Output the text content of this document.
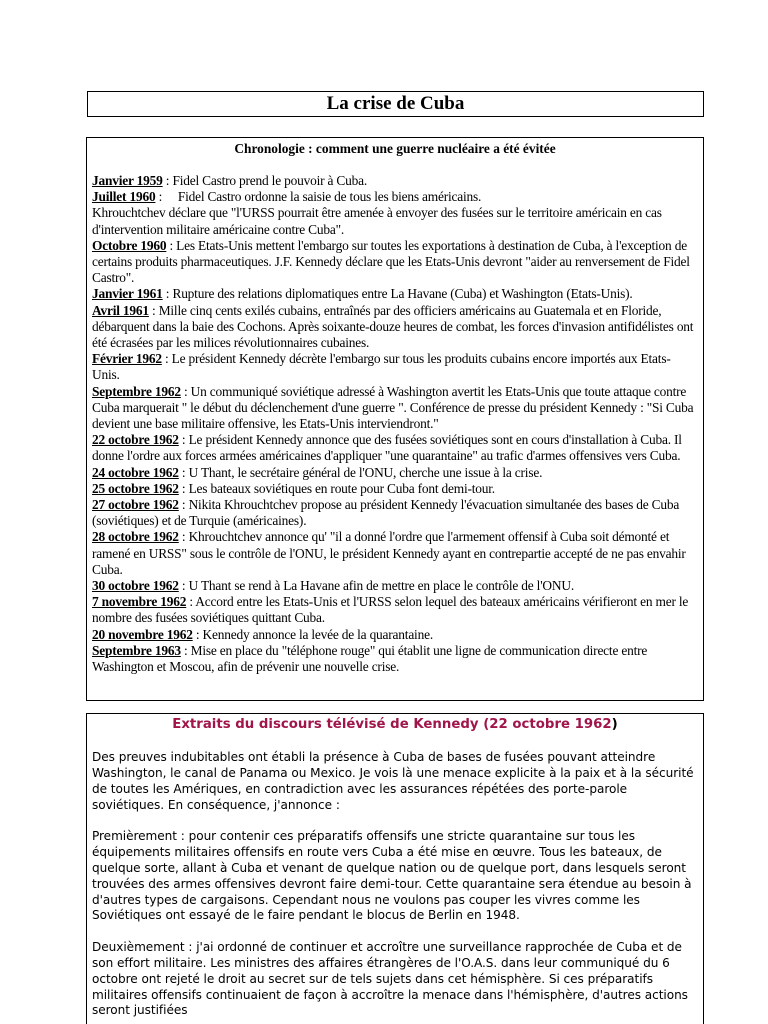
La crise de Cuba
Chronologie : comment une guerre nucléaire a été évitée
Janvier 1959 : Fidel Castro prend le pouvoir à Cuba.
Juillet 1960 :     Fidel Castro ordonne la saisie de tous les biens américains.
Khrouchtchev déclare que "l'URSS pourrait être amenée à envoyer des fusées sur le territoire américain en cas d'intervention militaire américaine contre Cuba".
Octobre 1960 : Les Etats-Unis mettent l'embargo sur toutes les exportations à destination de Cuba, à l'exception de certains produits pharmaceutiques. J.F. Kennedy déclare que les Etats-Unis devront "aider au renversement de Fidel Castro".
Janvier 1961 : Rupture des relations diplomatiques entre La Havane (Cuba) et Washington (Etats-Unis).
Avril 1961 : Mille cinq cents exilés cubains, entraînés par des officiers américains au Guatemala et en Floride, débarquent dans la baie des Cochons. Après soixante-douze heures de combat, les forces d'invasion antifidélistes ont été écrasées par les milices révolutionnaires cubaines.
Février 1962 : Le président Kennedy décrète l'embargo sur tous les produits cubains encore importés aux Etats-Unis.
Septembre 1962 : Un communiqué soviétique adressé à Washington avertit les Etats-Unis que toute attaque contre Cuba marquerait " le début du déclenchement d'une guerre ". Conférence de presse du président Kennedy : "Si Cuba devient une base militaire offensive, les Etats-Unis interviendront."
22 octobre 1962 : Le président Kennedy annonce que des fusées soviétiques sont en cours d'installation à Cuba. Il donne l'ordre aux forces armées américaines d'appliquer "une quarantaine" au trafic d'armes offensives vers Cuba.
24 octobre 1962 : U Thant, le secrétaire général de l'ONU, cherche une issue à la crise.
25 octobre 1962 : Les bateaux soviétiques en route pour Cuba font demi-tour.
27 octobre 1962 : Nikita Khrouchtchev propose au président Kennedy l'évacuation simultanée des bases de Cuba (soviétiques) et de Turquie (américaines).
28 octobre 1962 : Khrouchtchev annonce qu' "il a donné l'ordre que l'armement offensif à Cuba soit démonté et ramené en URSS" sous le contrôle de l'ONU, le président Kennedy ayant en contrepartie accepté de ne pas envahir Cuba.
30 octobre 1962 : U Thant se rend à La Havane afin de mettre en place le contrôle de l'ONU.
7 novembre 1962 : Accord entre les Etats-Unis et l'URSS selon lequel des bateaux américains vérifieront en mer le nombre des fusées soviétiques quittant Cuba.
20 novembre 1962 : Kennedy annonce la levée de la quarantaine.
Septembre 1963 : Mise en place du "téléphone rouge" qui établit une ligne de communication directe entre Washington et Moscou, afin de prévenir une nouvelle crise.
Extraits du discours télévisé de Kennedy (22 octobre 1962)

Des preuves indubitables ont établi la présence à Cuba de bases de fusées pouvant atteindre Washington, le canal de Panama ou Mexico. Je vois là une menace explicite à la paix et à la sécurité de toutes les Amériques, en contradiction avec les assurances répétées des porte-parole soviétiques. En conséquence, j'annonce :

Premièrement : pour contenir ces préparatifs offensifs une stricte quarantaine sur tous les équipements militaires offensifs en route vers Cuba a été mise en œuvre. Tous les bateaux, de quelque sorte, allant à Cuba et venant de quelque nation ou de quelque port, dans lesquels seront trouvées des armes offensives devront faire demi-tour. Cette quarantaine sera étendue au besoin à d'autres types de cargaisons. Cependant nous ne voulons pas couper les vivres comme les Soviétiques ont essayé de le faire pendant le blocus de Berlin en 1948.

Deuxièmement : j'ai ordonné de continuer et accroître une surveillance rapprochée de Cuba et de son effort militaire. Les ministres des affaires étrangères de l'O.A.S. dans leur communiqué du 6 octobre ont rejeté le droit au secret sur de tels sujets dans cet hémisphère. Si ces préparatifs militaires offensifs continuaient de façon à accroître la menace dans l'hémisphère, d'autres actions seront justifiées
